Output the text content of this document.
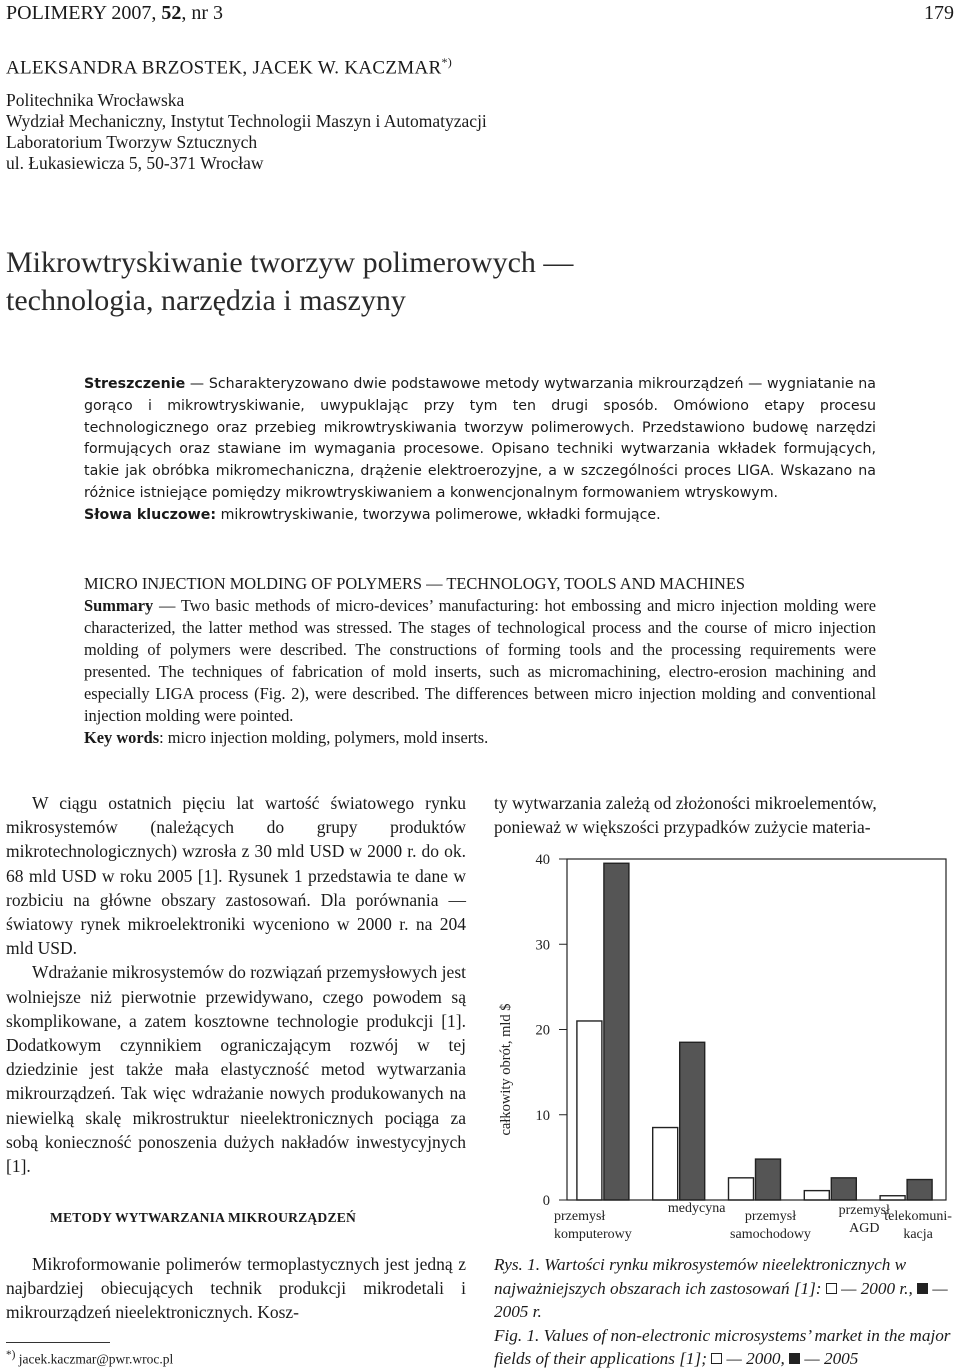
POLIMERY 2007, 52, nr 3	179
ALEKSANDRA BRZOSTEK, JACEK W. KACZMAR*)
Politechnika Wrocławska
Wydział Mechaniczny, Instytut Technologii Maszyn i Automatyzacji
Laboratorium Tworzyw Sztucznych
ul. Łukasiewicza 5, 50-371 Wrocław
Mikrowtryskiwanie tworzyw polimerowych —
technologia, narzędzia i maszyny

Streszczenie — Scharakteryzowano dwie podstawowe metody wytwarzania mikrourządzeń — wygniatanie na gorąco i mikrowtryskiwanie, uwypuklając przy tym ten drugi sposób. Omówiono etapy procesu technologicznego oraz przebieg mikrowtryskiwania tworzyw polimerowych. Przedstawiono budowę narzędzi formujących oraz stawiane im wymagania procesowe. Opisano techniki wytwarzania wkładek formujących, takie jak obróbka mikromechaniczna, drążenie elektroerozyjne, a w szczególności proces LIGA. Wskazano na różnice istniejące pomiędzy mikrowtryskiwaniem a konwencjonalnym formowaniem wtryskowym.

Słowa kluczowe: mikrowtryskiwanie, tworzywa polimerowe, wkładki formujące.

MICRO INJECTION MOLDING OF POLYMERS — TECHNOLOGY, TOOLS AND MACHINES

Summary — Two basic methods of micro-devices’ manufacturing: hot embossing and micro injection molding were characterized, the latter method was stressed. The stages of technological process and the course of micro injection molding of polymers were described. The constructions of forming tools and the processing requirements were presented. The techniques of fabrication of mold inserts, such as micromachining, electro-erosion machining and especially LIGA process (Fig. 2), were described. The differences between micro injection molding and conventional injection molding were pointed.

Key words: micro injection molding, polymers, mold inserts.

W ciągu ostatnich pięciu lat wartość światowego rynku mikrosystemów (należących do grupy produktów mikrotechnologicznych) wzrosła z 30 mld USD w 2000 r. do ok. 68 mld USD w roku 2005 [1]. Rysunek 1 przedstawia te dane w rozbiciu na główne obszary zastosowań. Dla porównania — światowy rynek mikroelektroniki wyceniono w 2000 r. na 204 mld USD.

Wdrażanie mikrosystemów do rozwiązań przemysłowych jest wolniejsze niż pierwotnie przewidywano, czego powodem są skomplikowane, a zatem kosztowne technologie produkcji [1]. Dodatkowym czynnikiem ograniczającym rozwój w tej dziedzinie jest także mała elastyczność metod wytwarzania mikrourządzeń. Tak więc wdrażanie nowych produkowanych na niewielką skalę mikrostruktur nieelektronicznych pociąga za sobą konieczność ponoszenia dużych nakładów inwestycyjnych [1].

METODY WYTWARZANIA MIKROURZĄDZEŃ

Mikroformowanie polimerów termoplastycznych jest jedną z najbardziej obiecujących technik produkcji mikrodetali i mikrourządzeń nieelektronicznych. Kosz-

*) jacek.kaczmar@pwr.wroc.pl

ty wytwarzania zależą od złożoności mikroelementów,

ponieważ w większości przypadków zużycie materia-

całkowity obrót, mld $
0
10
20
30
40
przemysł
komputerowy
medycyna
przemysł
samochodowy
przemysł
AGD
telekomuni-
kacja

Rys. 1. Wartości rynku mikrosystemów nieelektronicznych w najważniejszych obszarach ich zastosowań [1]: — 2000 r., — 2005 r.

Fig. 1. Values of non-electronic microsystems’ market in the major fields of their applications [1]; — 2000, — 2005
